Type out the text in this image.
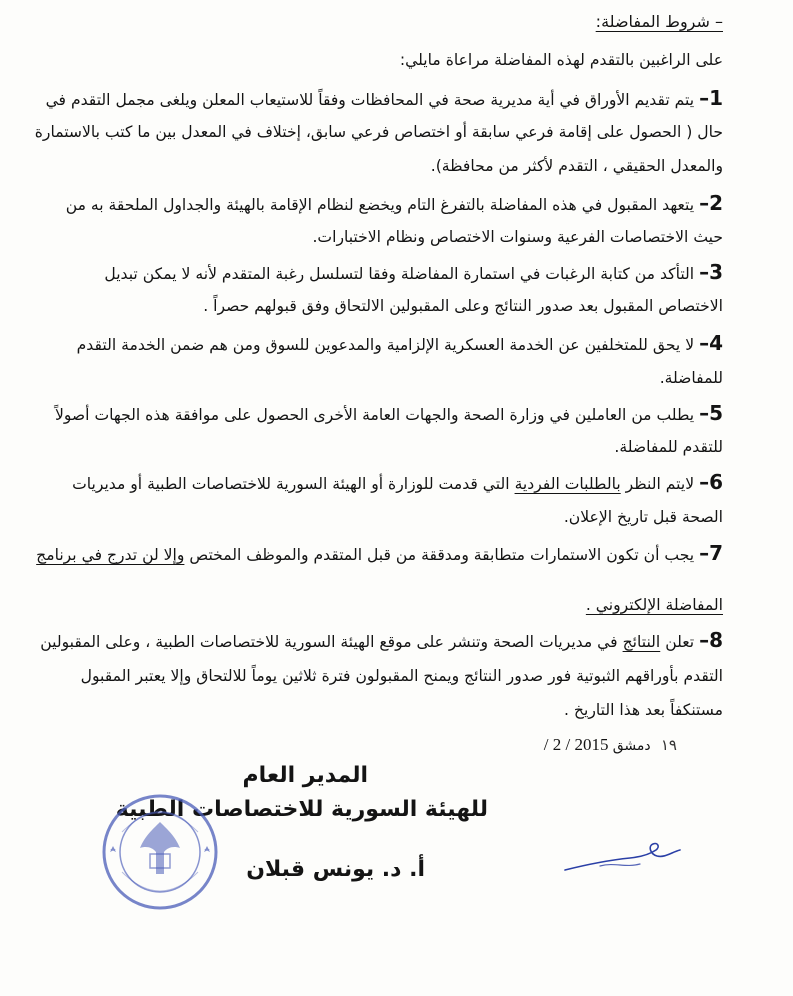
– شروط المفاضلة:
على الراغبين بالتقدم لهذه المفاضلة مراعاة مايلي:
1– يتم تقديم الأوراق في أية مديرية صحة في المحافظات وفقاً للاستيعاب المعلن ويلغى مجمل التقدم في
حال ( الحصول على إقامة فرعي سابقة أو اختصاص فرعي سابق، إختلاف في المعدل بين ما كتب بالاستمارة
والمعدل الحقيقي ، التقدم لأكثر من محافظة).
2– يتعهد المقبول في هذه المفاضلة بالتفرغ التام ويخضع لنظام الإقامة بالهيئة والجداول الملحقة به من
حيث الاختصاصات الفرعية وسنوات الاختصاص ونظام الاختبارات.
3– التأكد من كتابة الرغبات في استمارة المفاضلة وفقا لتسلسل رغبة المتقدم لأنه لا يمكن تبديل
الاختصاص المقبول بعد صدور النتائج وعلى المقبولين الالتحاق وفق قبولهم حصراً .
4– لا يحق للمتخلفين عن الخدمة العسكرية الإلزامية والمدعوين للسوق ومن هم ضمن الخدمة التقدم
للمفاضلة.
5– يطلب من العاملين في وزارة الصحة والجهات العامة الأخرى الحصول على موافقة هذه الجهات أصولاً
للتقدم للمفاضلة.
6– لايتم النظر بالطلبات الفردية التي قدمت للوزارة أو الهيئة السورية للاختصاصات الطبية أو مديريات
الصحة قبل تاريخ الإعلان.
7– يجب أن تكون الاستمارات متطابقة ومدققة من قبل المتقدم والموظف المختص وإلا لن تدرج في برنامج
المفاضلة الإلكتروني .
8– تعلن النتائج في مديريات الصحة وتنشر على موقع الهيئة السورية للاختصاصات الطبية ، وعلى المقبولين
التقدم بأوراقهم الثبوتية فور صدور النتائج ويمنح المقبولون فترة ثلاثين يوماً للالتحاق وإلا يعتبر المقبول
مستنكفاً بعد هذا التاريخ .
/ 2 / 2015	١٩ دمشق
المدير العام
للهيئة السورية للاختصاصات الطبية
أ. د. يونس قبلان
